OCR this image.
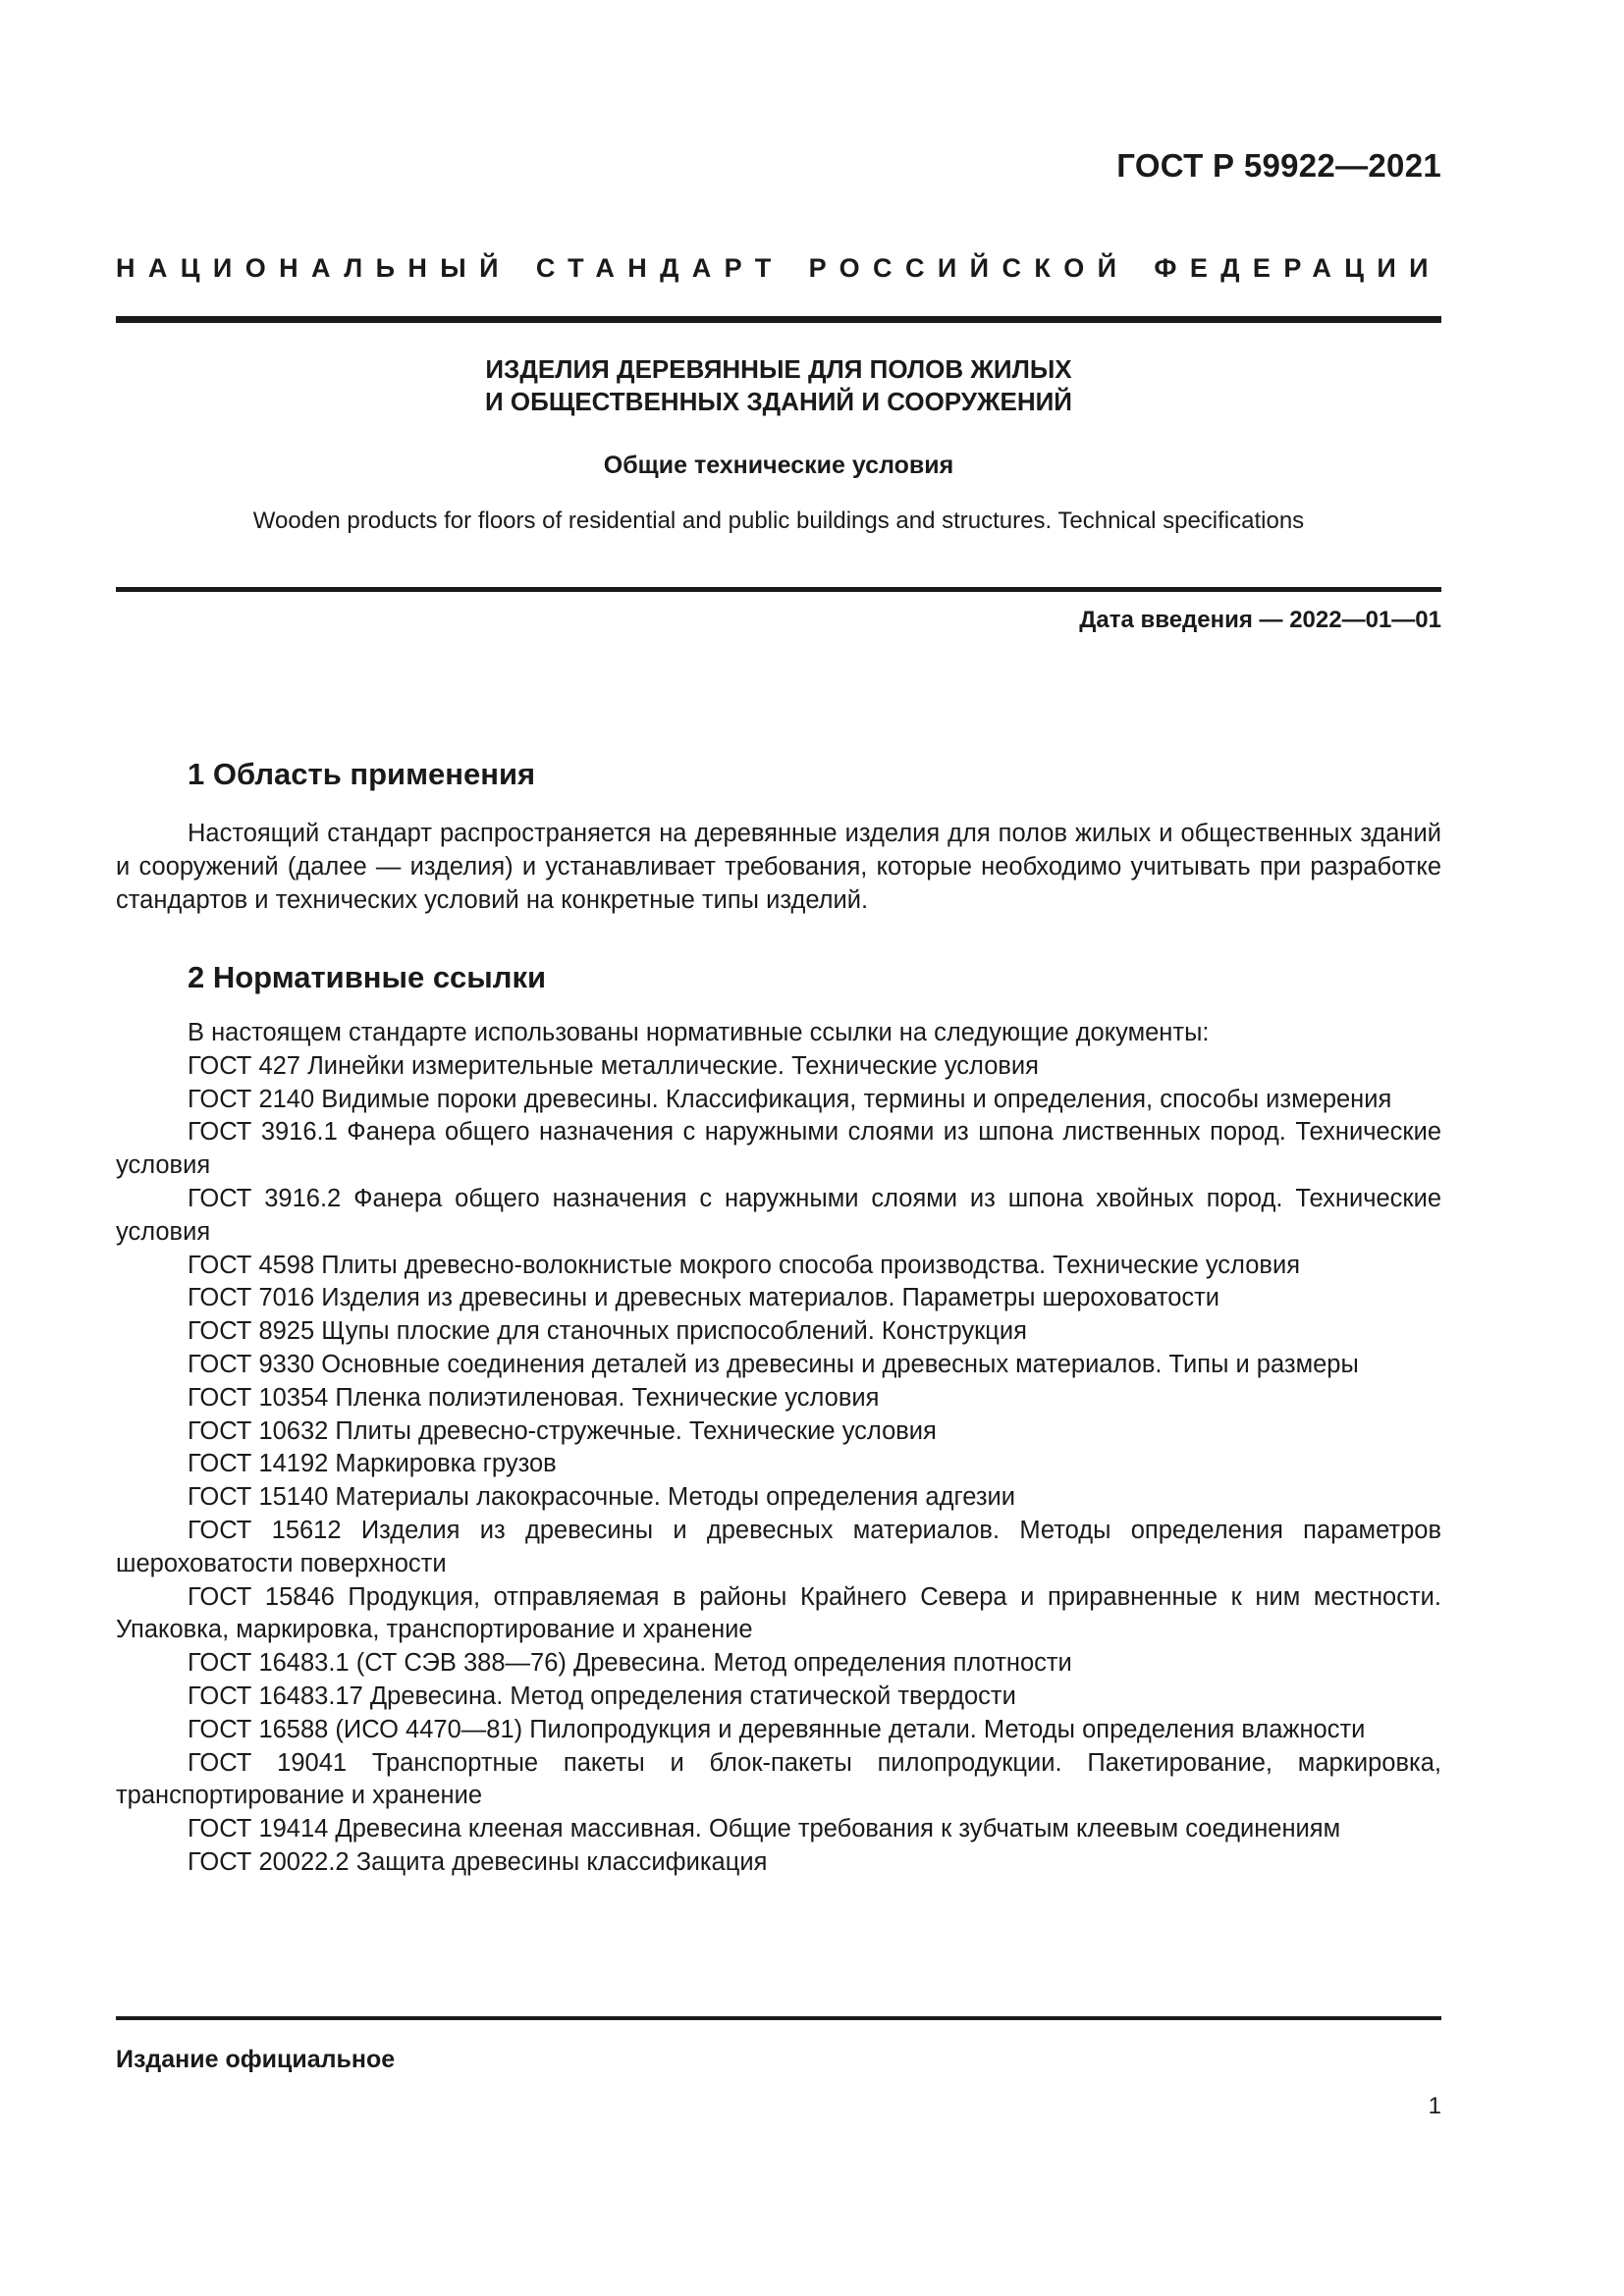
ГОСТ Р 59922—2021
НАЦИОНАЛЬНЫЙ СТАНДАРТ РОССИЙСКОЙ ФЕДЕРАЦИИ
ИЗДЕЛИЯ ДЕРЕВЯННЫЕ ДЛЯ ПОЛОВ ЖИЛЫХ
И ОБЩЕСТВЕННЫХ ЗДАНИЙ И СООРУЖЕНИЙ
Общие технические условия
Wooden products for floors of residential and public buildings and structures. Technical specifications
Дата введения — 2022—01—01
1 Область применения

Настоящий стандарт распространяется на деревянные изделия для полов жилых и общественных зданий и сооружений (далее — изделия) и устанавливает требования, которые необходимо учитывать при разработке стандартов и технических условий на конкретные типы изделий.

2 Нормативные ссылки

В настоящем стандарте использованы нормативные ссылки на следующие документы:

ГОСТ 427 Линейки измерительные металлические. Технические условия

ГОСТ 2140 Видимые пороки древесины. Классификация, термины и определения, способы измерения

ГОСТ 3916.1 Фанера общего назначения с наружными слоями из шпона лиственных пород. Технические условия

ГОСТ 3916.2 Фанера общего назначения с наружными слоями из шпона хвойных пород. Технические условия

ГОСТ 4598 Плиты древесно-волокнистые мокрого способа производства. Технические условия

ГОСТ 7016 Изделия из древесины и древесных материалов. Параметры шероховатости

ГОСТ 8925 Щупы плоские для станочных приспособлений. Конструкция

ГОСТ 9330 Основные соединения деталей из древесины и древесных материалов. Типы и размеры

ГОСТ 10354 Пленка полиэтиленовая. Технические условия

ГОСТ 10632 Плиты древесно-стружечные. Технические условия

ГОСТ 14192 Маркировка грузов

ГОСТ 15140 Материалы лакокрасочные. Методы определения адгезии

ГОСТ 15612 Изделия из древесины и древесных материалов. Методы определения параметров шероховатости поверхности

ГОСТ 15846 Продукция, отправляемая в районы Крайнего Севера и приравненные к ним местности. Упаковка, маркировка, транспортирование и хранение

ГОСТ 16483.1 (СТ СЭВ 388—76) Древесина. Метод определения плотности

ГОСТ 16483.17 Древесина. Метод определения статической твердости

ГОСТ 16588 (ИСО 4470—81) Пилопродукция и деревянные детали. Методы определения влажности

ГОСТ 19041 Транспортные пакеты и блок-пакеты пилопродукции. Пакетирование, маркировка, транспортирование и хранение

ГОСТ 19414 Древесина клееная массивная. Общие требования к зубчатым клеевым соединениям

ГОСТ 20022.2 Защита древесины классификация

Издание официальное
1
